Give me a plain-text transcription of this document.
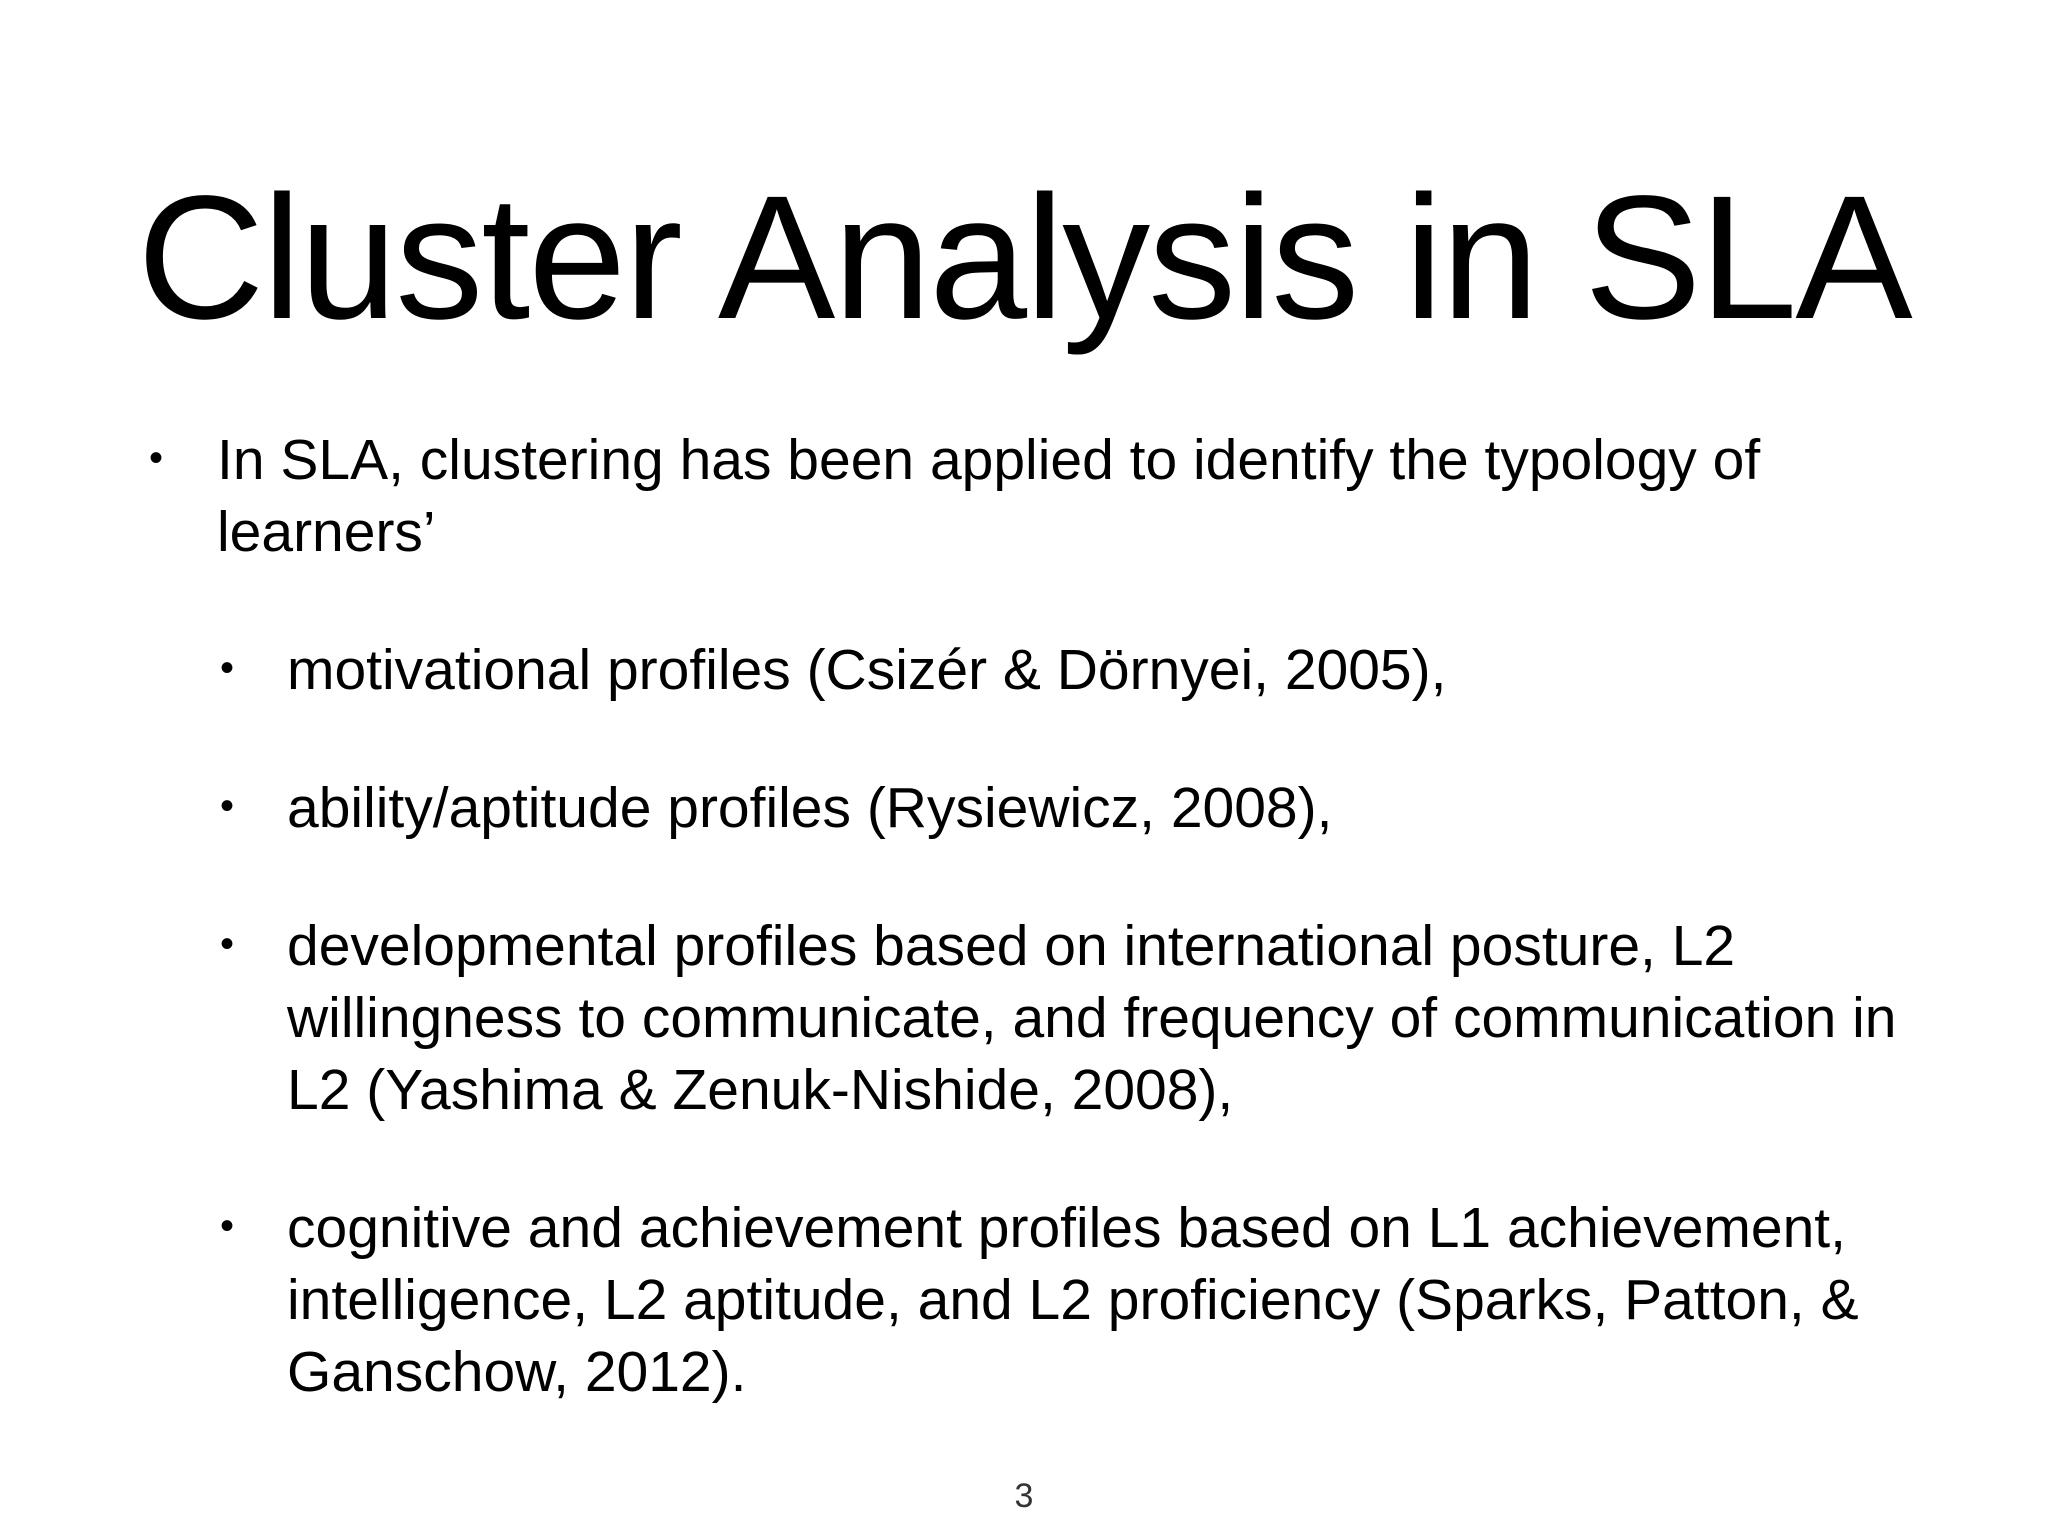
Cluster Analysis in SLA
• In SLA, clustering has been applied to identify the typology of learners’
• motivational profiles (Csizér & Dörnyei, 2005),
• ability/aptitude profiles (Rysiewicz, 2008),
• developmental profiles based on international posture, L2 willingness to communicate, and frequency of communication in L2 (Yashima & Zenuk-Nishide, 2008),
• cognitive and achievement profiles based on L1 achievement, intelligence, L2 aptitude, and L2 proficiency (Sparks, Patton, & Ganschow, 2012).
3
